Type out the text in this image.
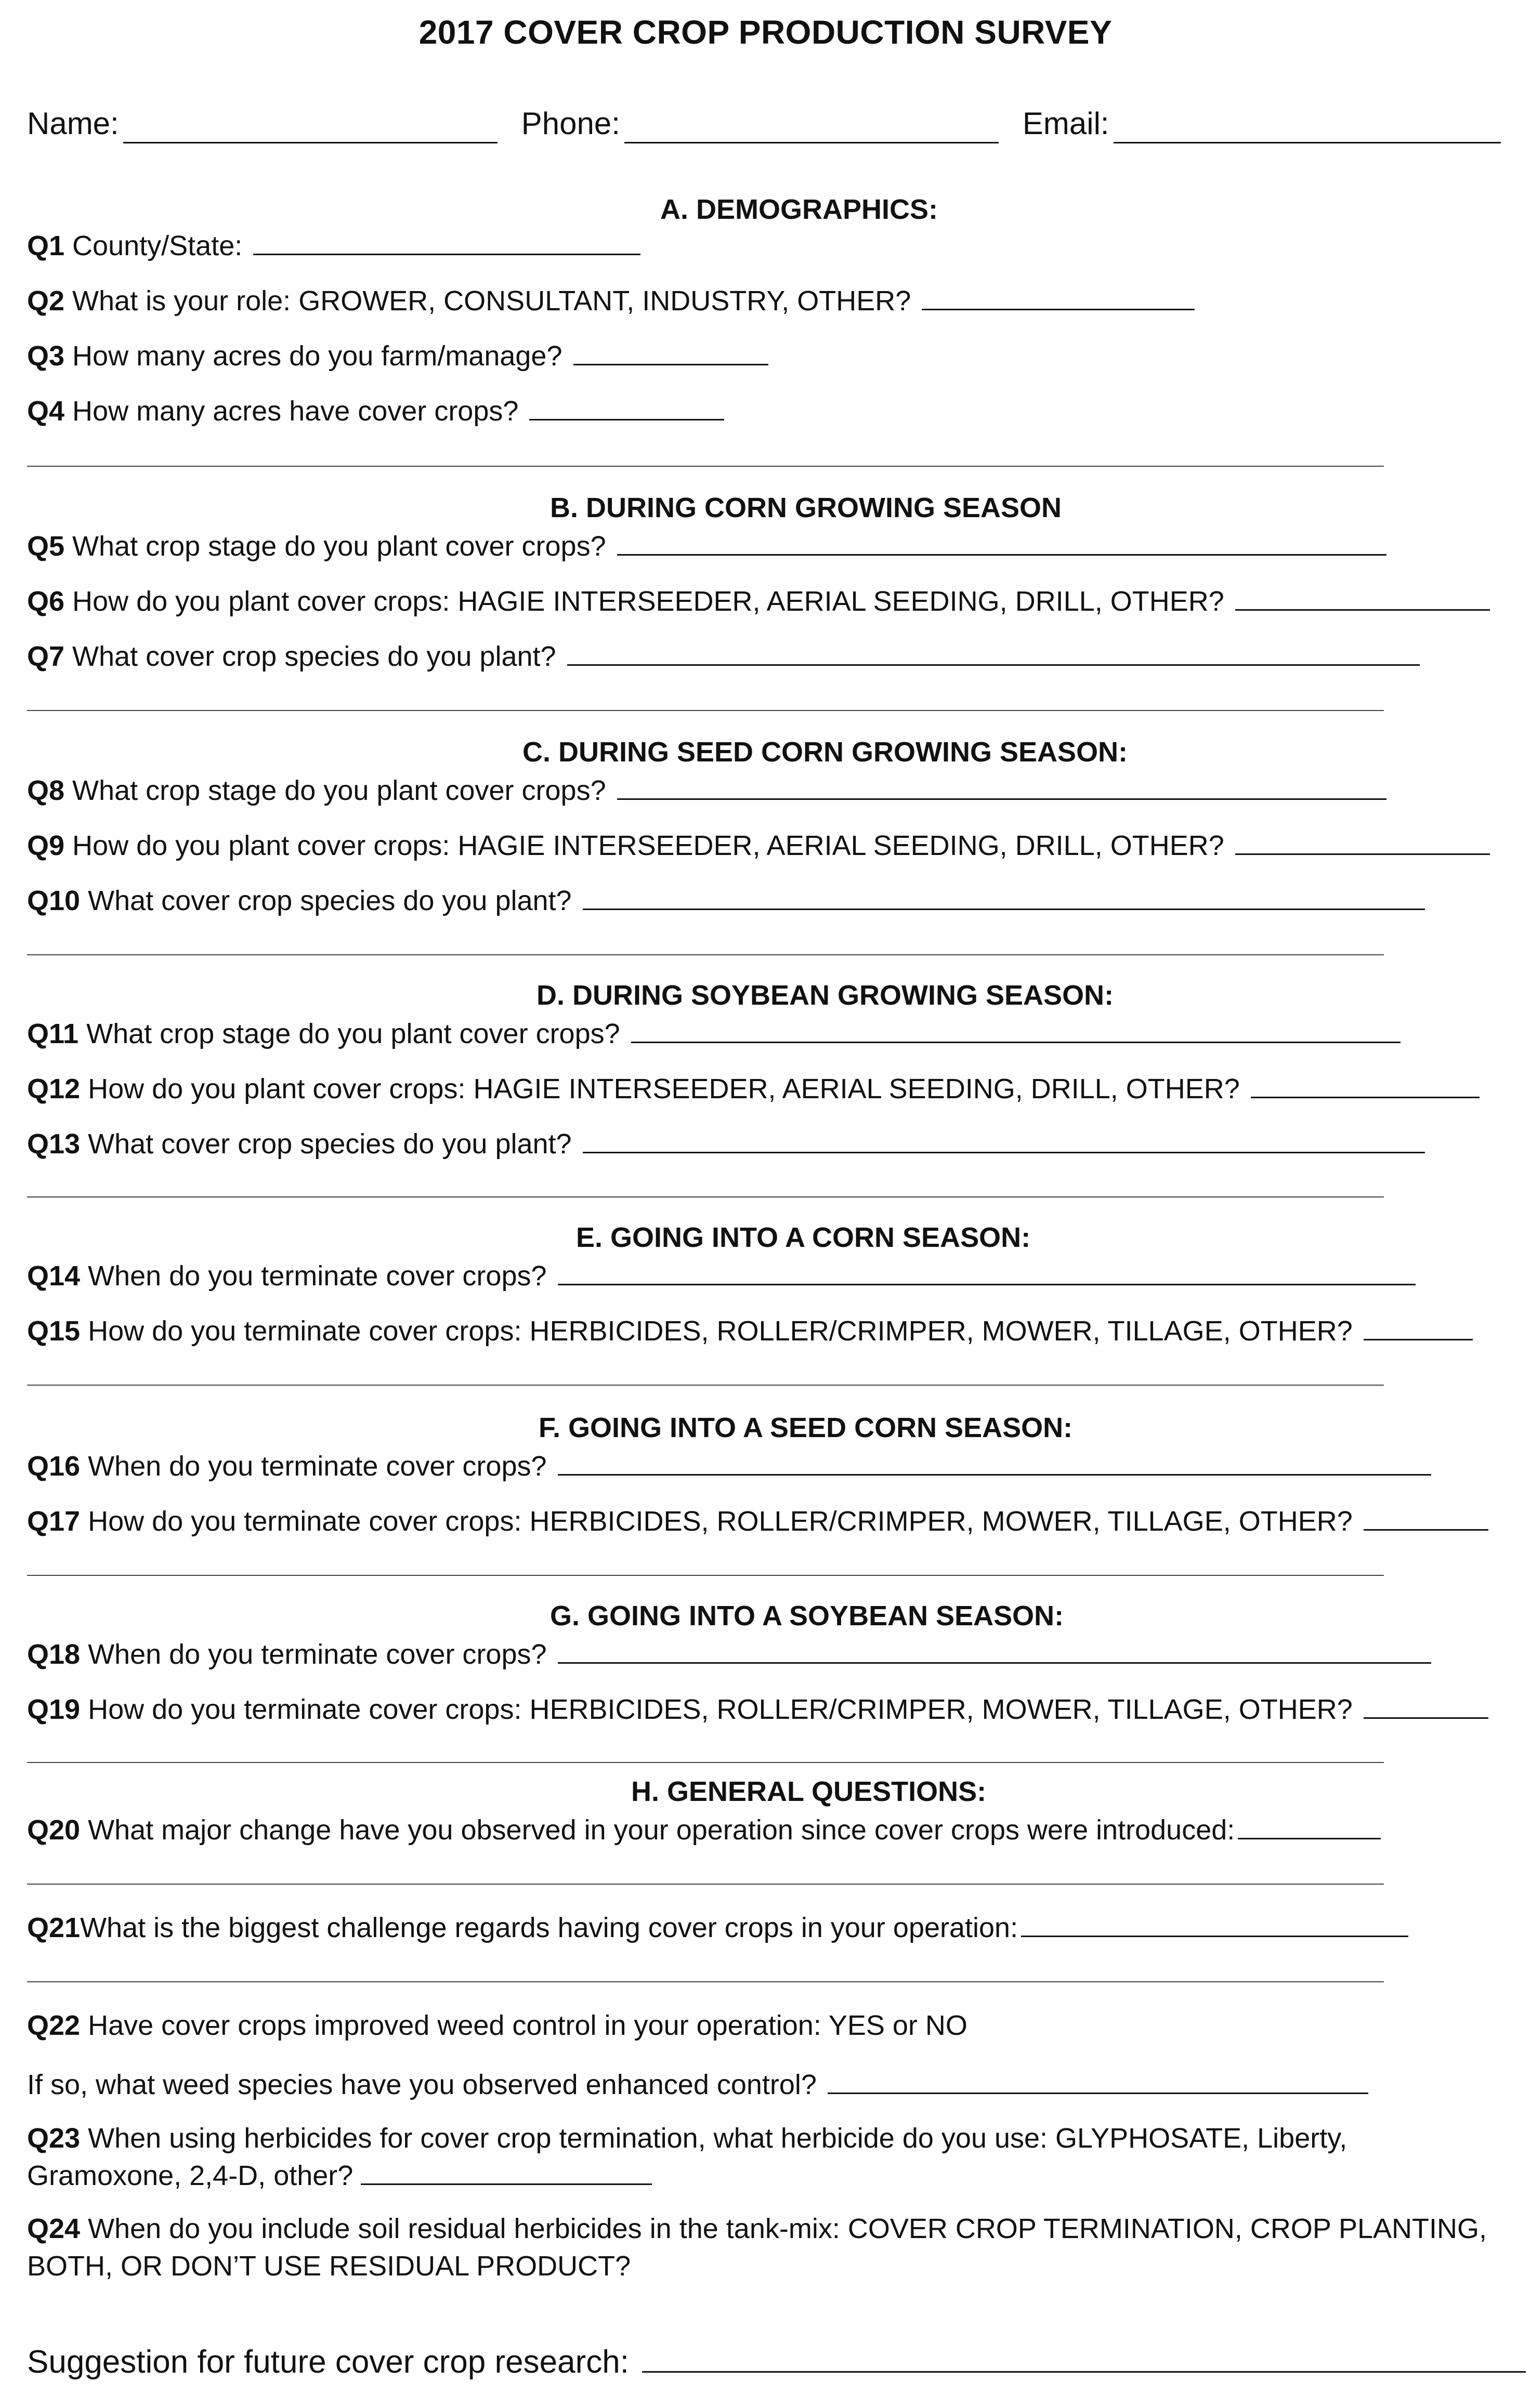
2017 COVER CROP PRODUCTION SURVEY
Name:	Phone:	Email:
A. DEMOGRAPHICS:
Q1 County/State:
Q2 What is your role: GROWER, CONSULTANT, INDUSTRY, OTHER?
Q3 How many acres do you farm/manage?
Q4 How many acres have cover crops?
B. DURING CORN GROWING SEASON
Q5 What crop stage do you plant cover crops?
Q6 How do you plant cover crops: HAGIE INTERSEEDER, AERIAL SEEDING, DRILL, OTHER?
Q7 What cover crop species do you plant?
C. DURING SEED CORN GROWING SEASON:
Q8 What crop stage do you plant cover crops?
Q9 How do you plant cover crops: HAGIE INTERSEEDER, AERIAL SEEDING, DRILL, OTHER?
Q10 What cover crop species do you plant?
D. DURING SOYBEAN GROWING SEASON:
Q11 What crop stage do you plant cover crops?
Q12 How do you plant cover crops: HAGIE INTERSEEDER, AERIAL SEEDING, DRILL, OTHER?
Q13 What cover crop species do you plant?
E. GOING INTO A CORN SEASON:
Q14 When do you terminate cover crops?
Q15 How do you terminate cover crops: HERBICIDES, ROLLER/CRIMPER, MOWER, TILLAGE, OTHER?
F. GOING INTO A SEED CORN SEASON:
Q16 When do you terminate cover crops?
Q17 How do you terminate cover crops: HERBICIDES, ROLLER/CRIMPER, MOWER, TILLAGE, OTHER?
G. GOING INTO A SOYBEAN SEASON:
Q18 When do you terminate cover crops?
Q19 How do you terminate cover crops: HERBICIDES, ROLLER/CRIMPER, MOWER, TILLAGE, OTHER?
H. GENERAL QUESTIONS:
Q20 What major change have you observed in your operation since cover crops were introduced:
Q21What is the biggest challenge regards having cover crops in your operation:
Q22 Have cover crops improved weed control in your operation: YES or NO
If so, what weed species have you observed enhanced control?
Q23 When using herbicides for cover crop termination, what herbicide do you use: GLYPHOSATE, Liberty, Gramoxone, 2,4-D, other?
Q24 When do you include soil residual herbicides in the tank-mix: COVER CROP TERMINATION, CROP PLANTING, BOTH, OR DON’T USE RESIDUAL PRODUCT?
Suggestion for future cover crop research:
